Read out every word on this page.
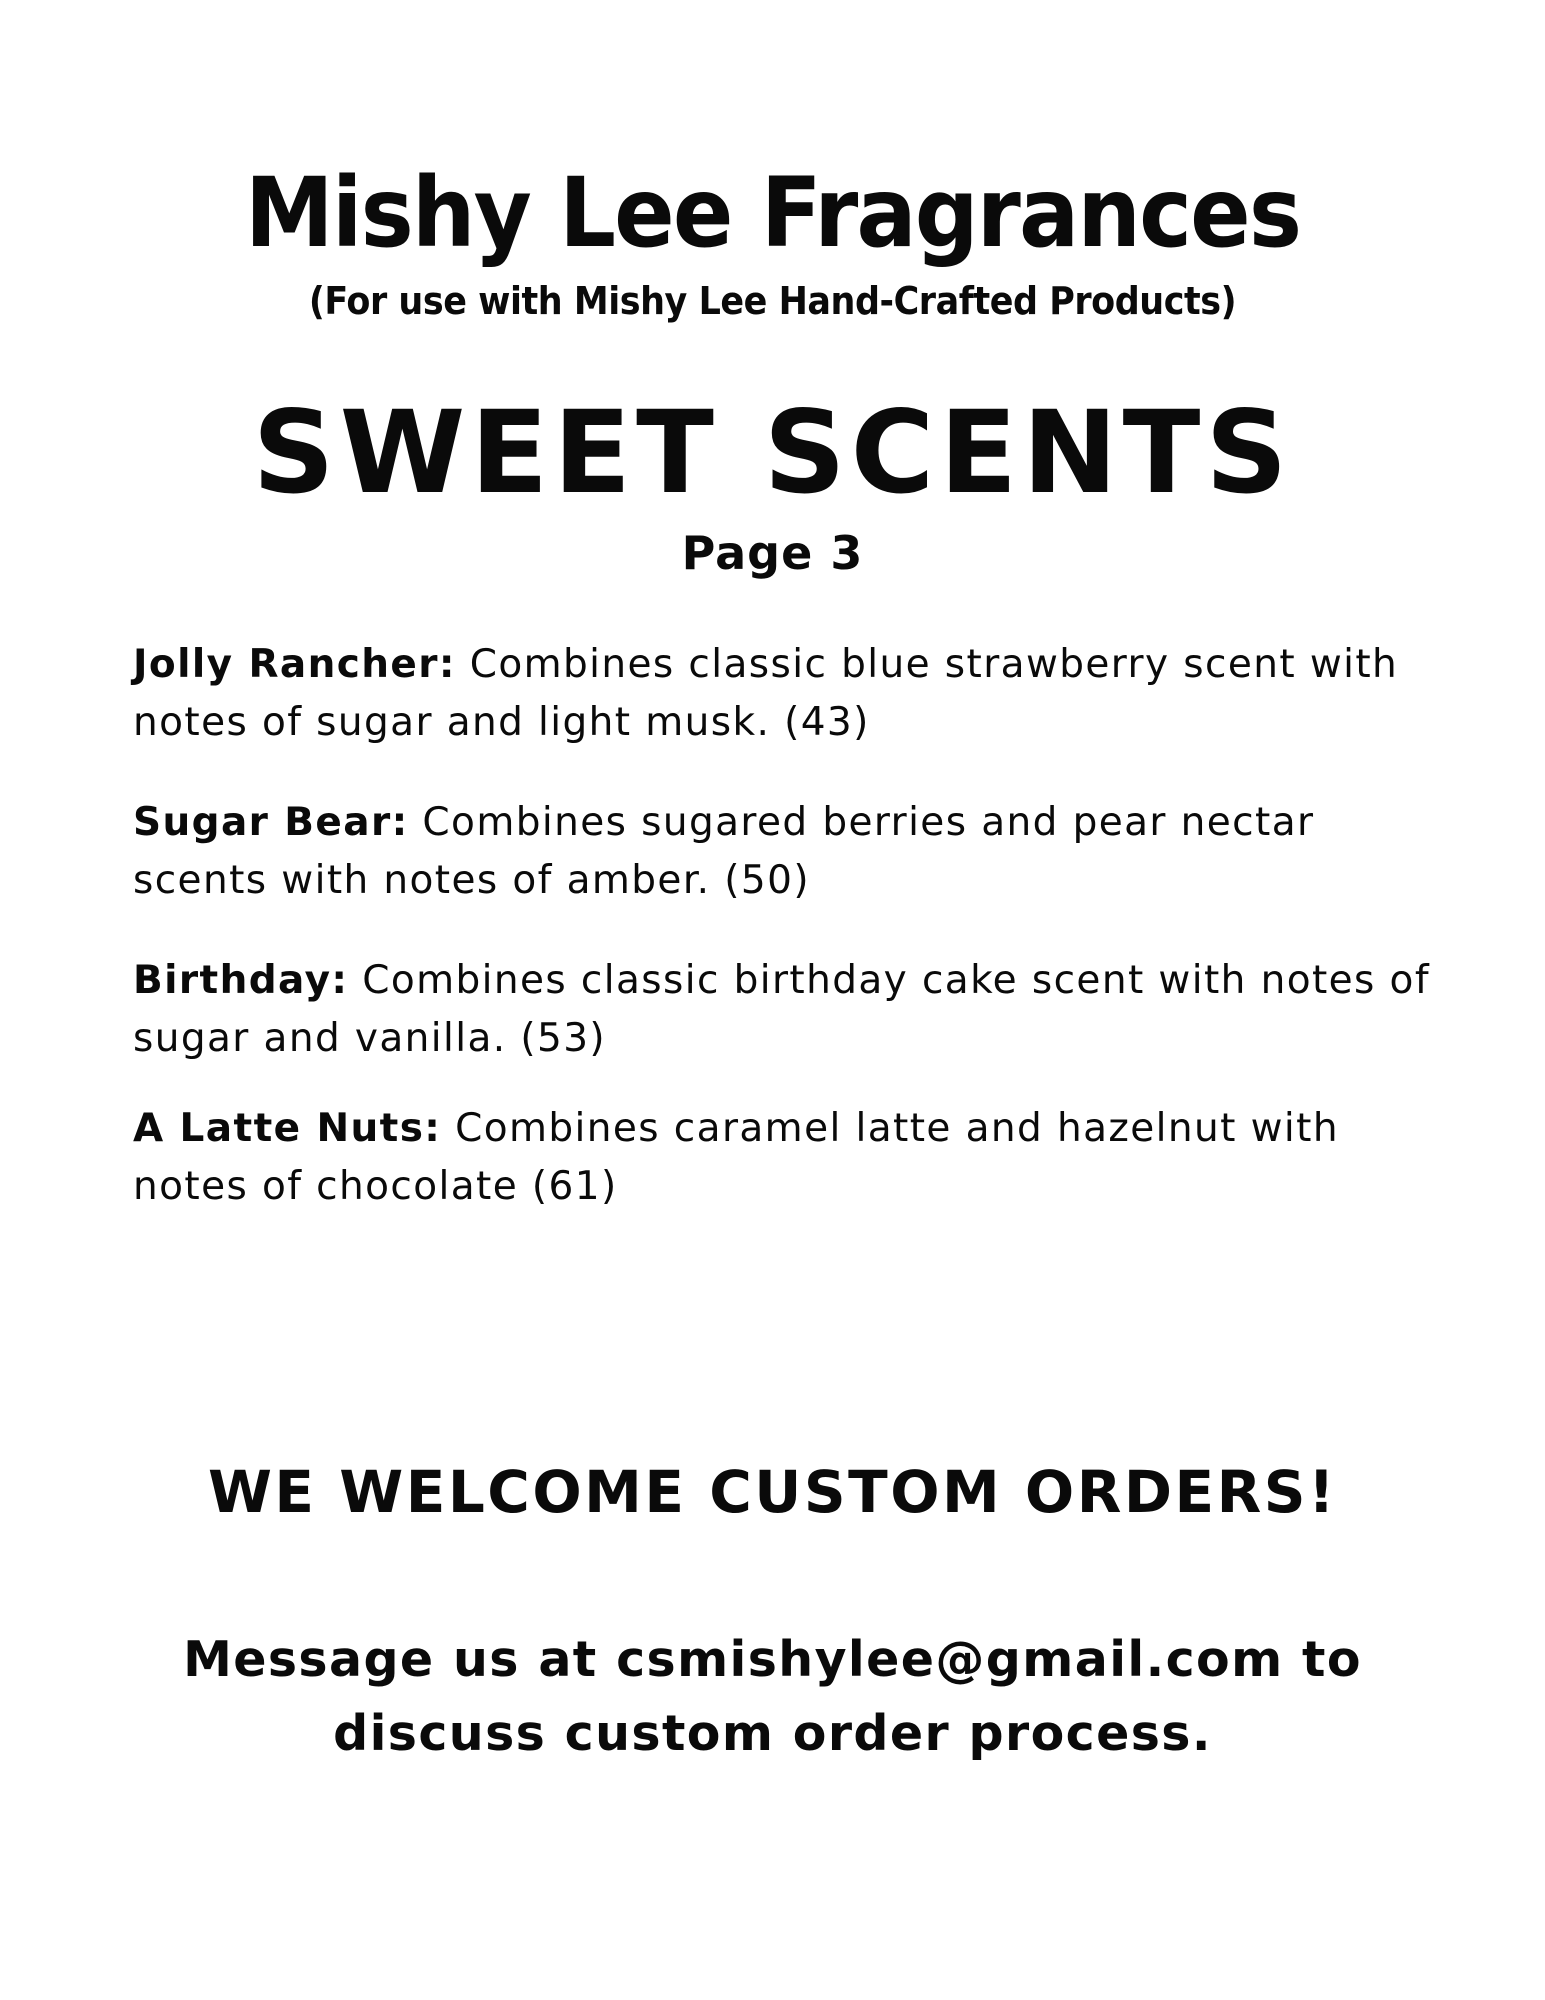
Mishy Lee Fragrances
(For use with Mishy Lee Hand-Crafted Products)
SWEET SCENTS
Page 3
Jolly Rancher: Combines classic blue strawberry scent with notes of sugar and light musk. (43)
Sugar Bear: Combines sugared berries and pear nectar scents with notes of amber. (50)
Birthday: Combines classic birthday cake scent with notes of sugar and vanilla. (53)
A Latte Nuts: Combines caramel latte and hazelnut with notes of chocolate (61)
WE WELCOME CUSTOM ORDERS!
Message us at csmishylee@gmail.com to discuss custom order process.
